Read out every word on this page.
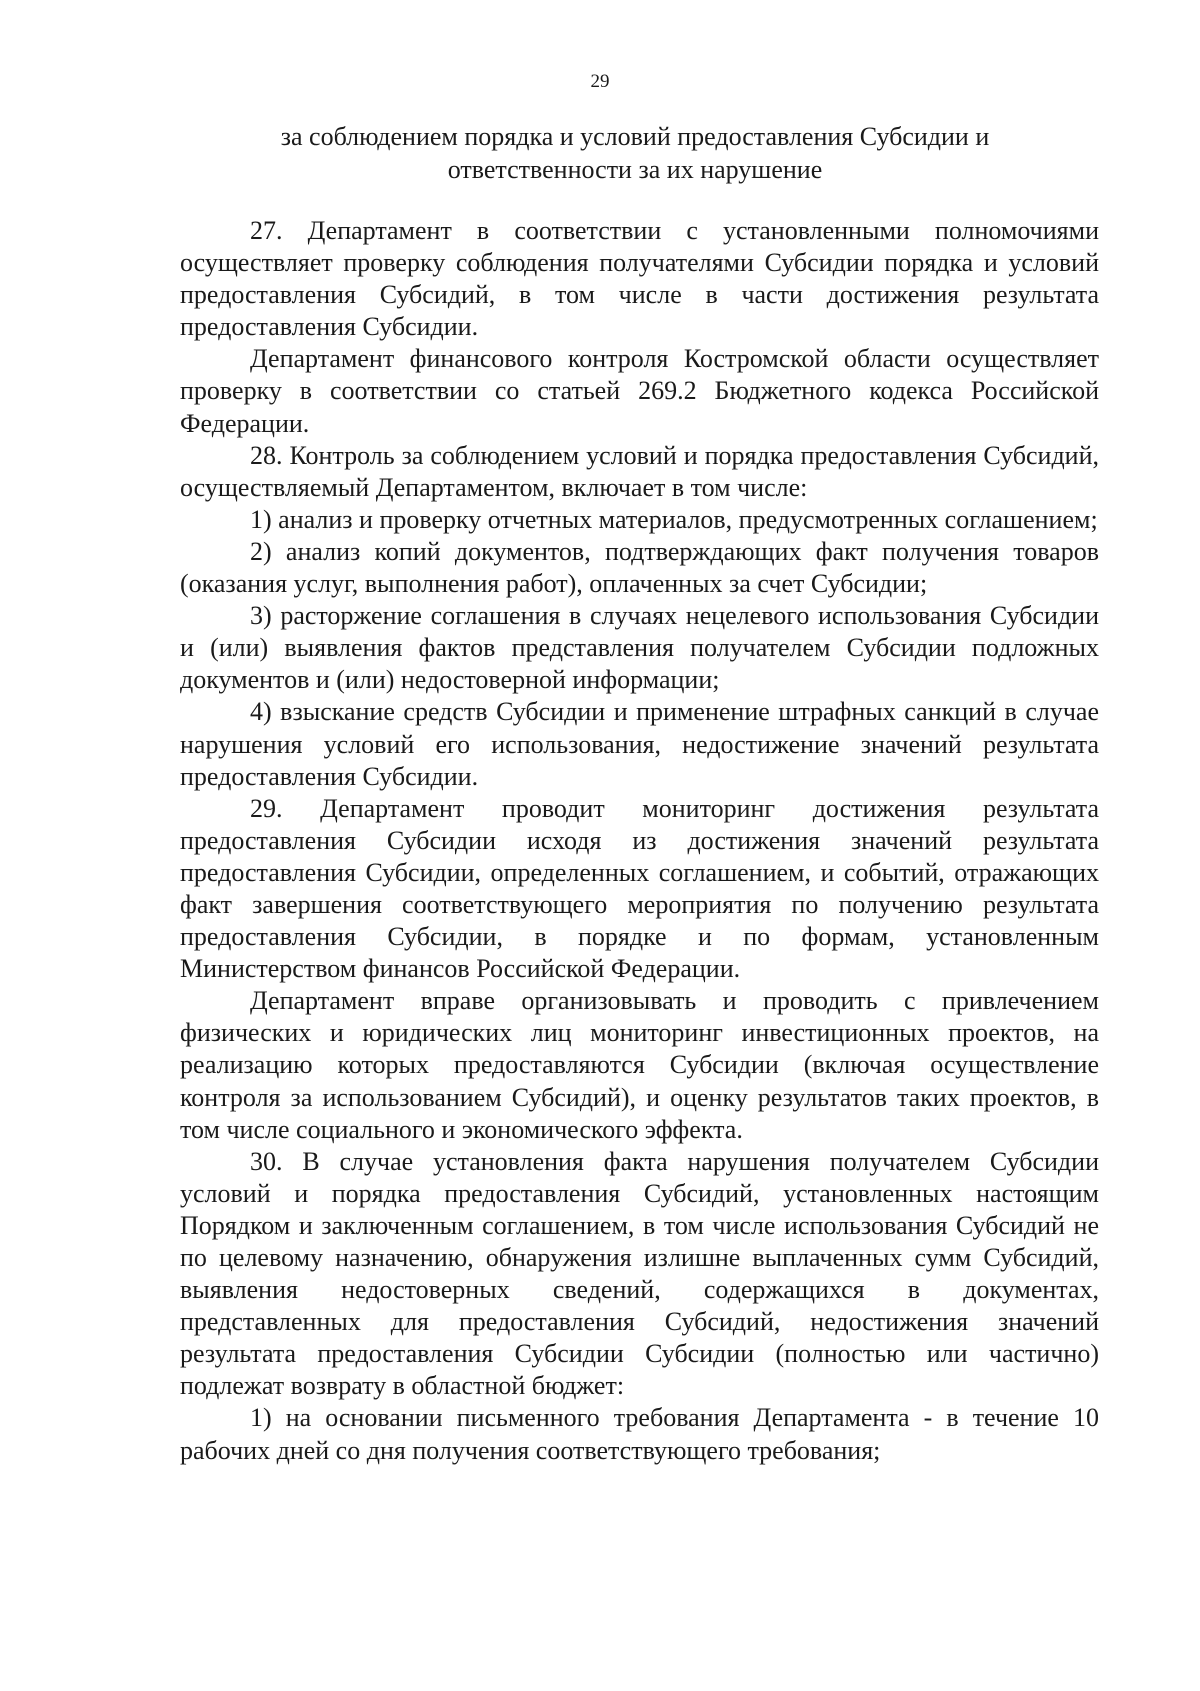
29

за соблюдением порядка и условий предоставления Субсидии и

ответственности за их нарушение

27. Департамент в соответствии с установленными полномочиями осуществляет проверку соблюдения получателями Субсидии порядка и условий предоставления Субсидий, в том числе в части достижения результата предоставления Субсидии.

Департамент финансового контроля Костромской области осуществляет проверку в соответствии со статьей 269.2 Бюджетного кодекса Российской Федерации.

28. Контроль за соблюдением условий и порядка предоставления Субсидий, осуществляемый Департаментом, включает в том числе:

1) анализ и проверку отчетных материалов, предусмотренных соглашением;

2) анализ копий документов, подтверждающих факт получения товаров (оказания услуг, выполнения работ), оплаченных за счет Субсидии;

3) расторжение соглашения в случаях нецелевого использования Субсидии и (или) выявления фактов представления получателем Субсидии подложных документов и (или) недостоверной информации;

4) взыскание средств Субсидии и применение штрафных санкций в случае нарушения условий его использования, недостижение значений результата предоставления Субсидии.

29. Департамент проводит мониторинг достижения результата предоставления Субсидии исходя из достижения значений результата предоставления Субсидии, определенных соглашением, и событий, отражающих факт завершения соответствующего мероприятия по получению результата предоставления Субсидии, в порядке и по формам, установленным Министерством финансов Российской Федерации.

Департамент вправе организовывать и проводить с привлечением физических и юридических лиц мониторинг инвестиционных проектов, на реализацию которых предоставляются Субсидии (включая осуществление контроля за использованием Субсидий), и оценку результатов таких проектов, в том числе социального и экономического эффекта.

30. В случае установления факта нарушения получателем Субсидии условий и порядка предоставления Субсидий, установленных настоящим Порядком и заключенным соглашением, в том числе использования Субсидий не по целевому назначению, обнаружения излишне выплаченных сумм Субсидий, выявления недостоверных сведений, содержащихся в документах, представленных для предоставления Субсидий, недостижения значений результата предоставления Субсидии Субсидии (полностью или частично) подлежат возврату в областной бюджет:

1) на основании письменного требования Департамента - в течение 10 рабочих дней со дня получения соответствующего требования;
